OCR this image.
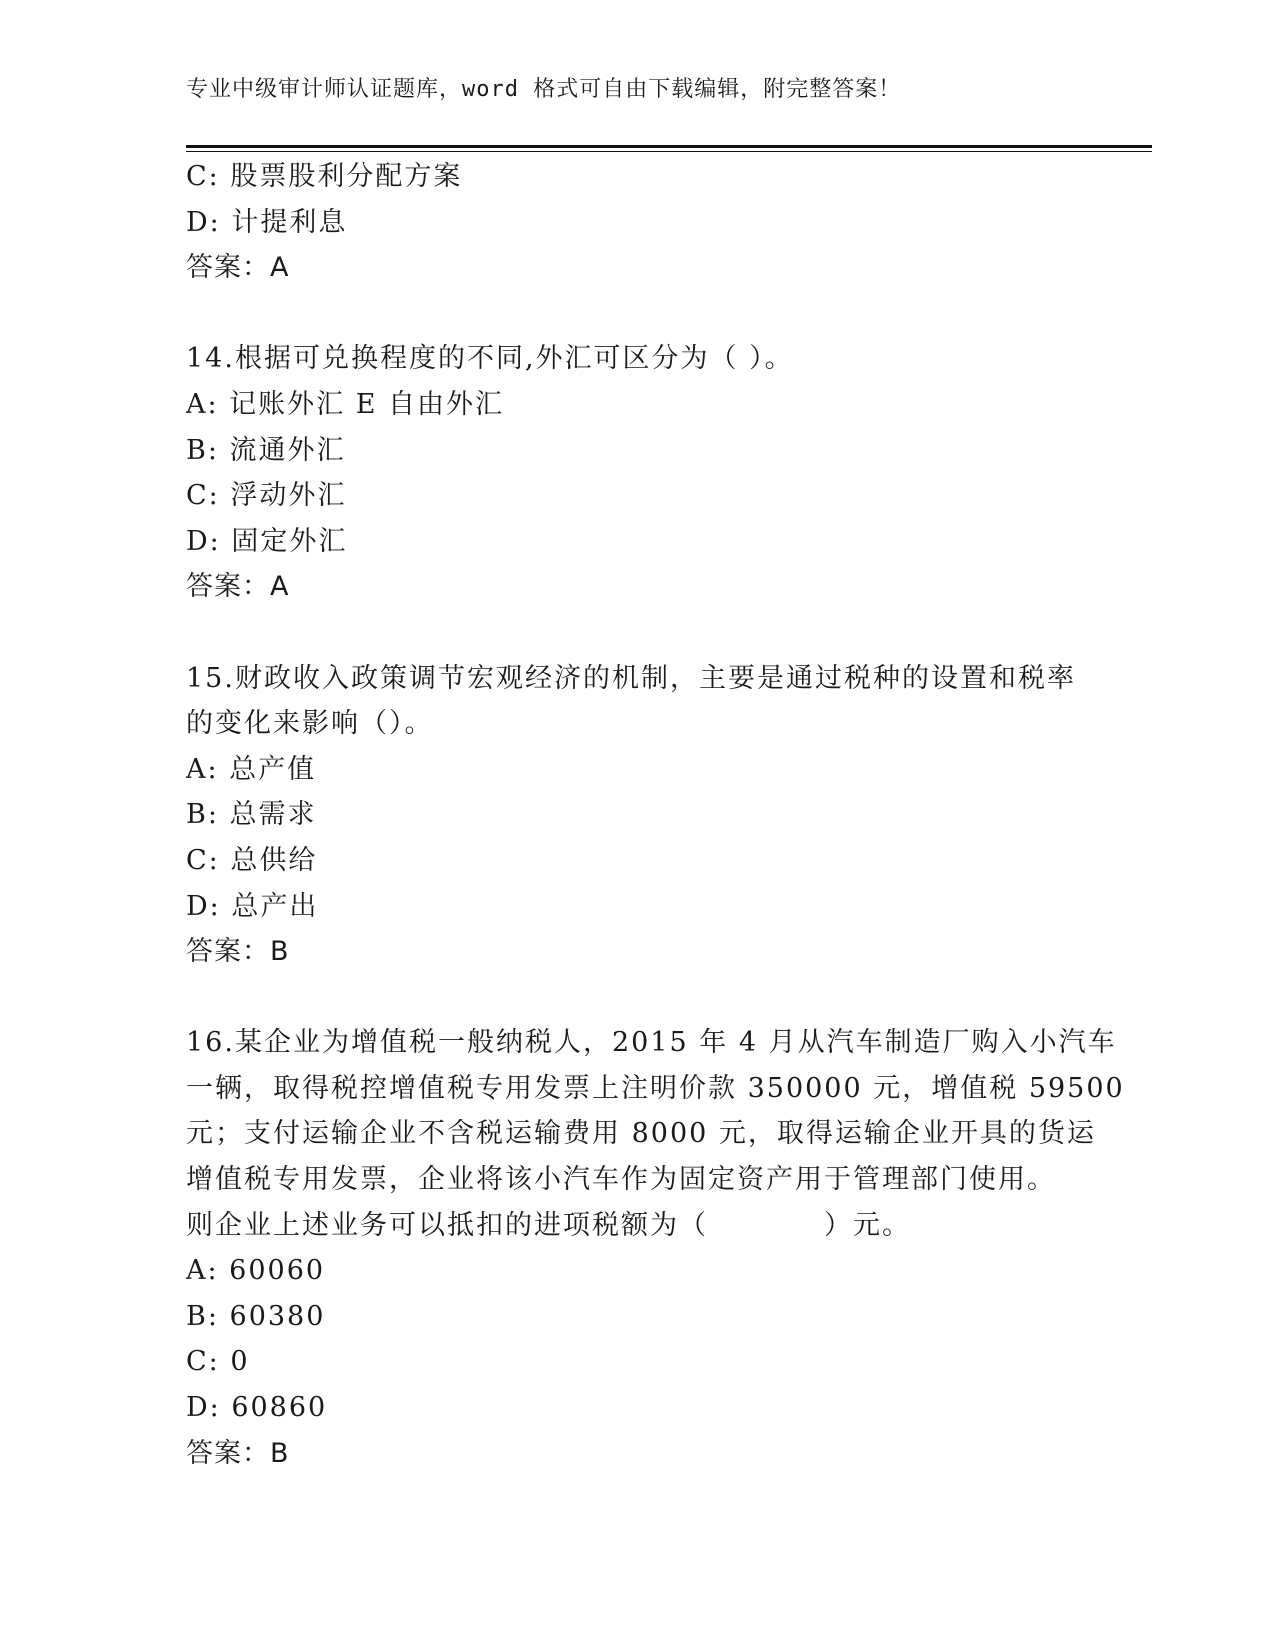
专业中级审计师认证题库，word 格式可自由下载编辑，附完整答案！
C: 股票股利分配方案
D: 计提利息
答案：A
14.根据可兑换程度的不同,外汇可区分为（ ）。
A: 记账外汇 E 自由外汇
B: 流通外汇
C: 浮动外汇
D: 固定外汇
答案：A
15.财政收入政策调节宏观经济的机制，主要是通过税种的设置和税率
的变化来影响（）。
A: 总产值
B: 总需求
C: 总供给
D: 总产出
答案：B
16.某企业为增值税一般纳税人，2015 年 4 月从汽车制造厂购入小汽车
一辆，取得税控增值税专用发票上注明价款 350000 元，增值税 59500
元；支付运输企业不含税运输费用 8000 元，取得运输企业开具的货运
增值税专用发票，企业将该小汽车作为固定资产用于管理部门使用。
则企业上述业务可以抵扣的进项税额为（　　　　）元。
A: 60060
B: 60380
C: 0
D: 60860
答案：B
